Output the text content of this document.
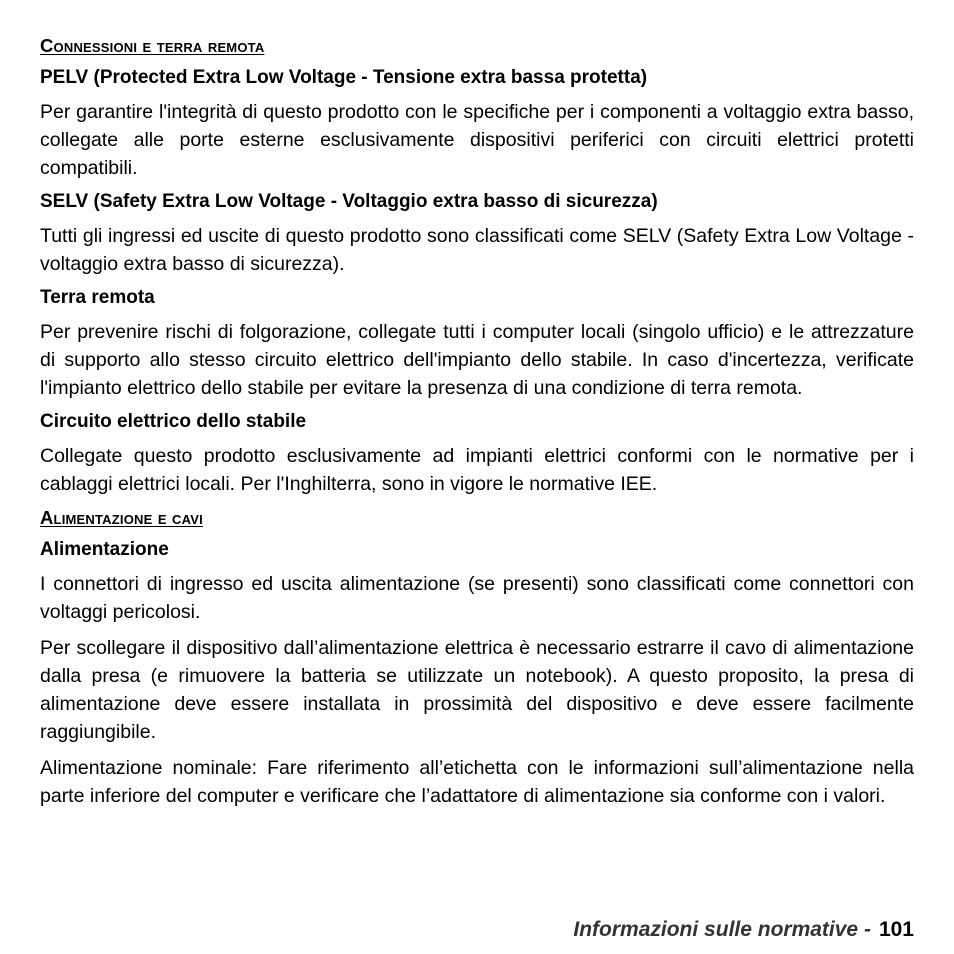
Connessioni e terra remota
PELV (Protected Extra Low Voltage - Tensione extra bassa protetta)

Per garantire l'integrità di questo prodotto con le specifiche per i componenti a voltaggio extra basso, collegate alle porte esterne esclusivamente dispositivi periferici con circuiti elettrici protetti compatibili.

SELV (Safety Extra Low Voltage - Voltaggio extra basso di sicurezza)

Tutti gli ingressi ed uscite di questo prodotto sono classificati come SELV (Safety Extra Low Voltage - voltaggio extra basso di sicurezza).

Terra remota

Per prevenire rischi di folgorazione, collegate tutti i computer locali (singolo ufficio) e le attrezzature di supporto allo stesso circuito elettrico dell'impianto dello stabile. In caso d'incertezza, verificate l'impianto elettrico dello stabile per evitare la presenza di una condizione di terra remota.

Circuito elettrico dello stabile

Collegate questo prodotto esclusivamente ad impianti elettrici conformi con le normative per i cablaggi elettrici locali. Per l'Inghilterra, sono in vigore le normative IEE.

Alimentazione e cavi
Alimentazione

I connettori di ingresso ed uscita alimentazione (se presenti) sono classificati come connettori con voltaggi pericolosi.

Per scollegare il dispositivo dall’alimentazione elettrica è necessario estrarre il cavo di alimentazione dalla presa (e rimuovere la batteria se utilizzate un notebook). A questo proposito, la presa di alimentazione deve essere installata in prossimità del dispositivo e deve essere facilmente raggiungibile.

Alimentazione nominale: Fare riferimento all’etichetta con le informazioni sull’alimentazione nella parte inferiore del computer e verificare che l’adattatore di alimentazione sia conforme con i valori.

Informazioni sulle normative - 101
